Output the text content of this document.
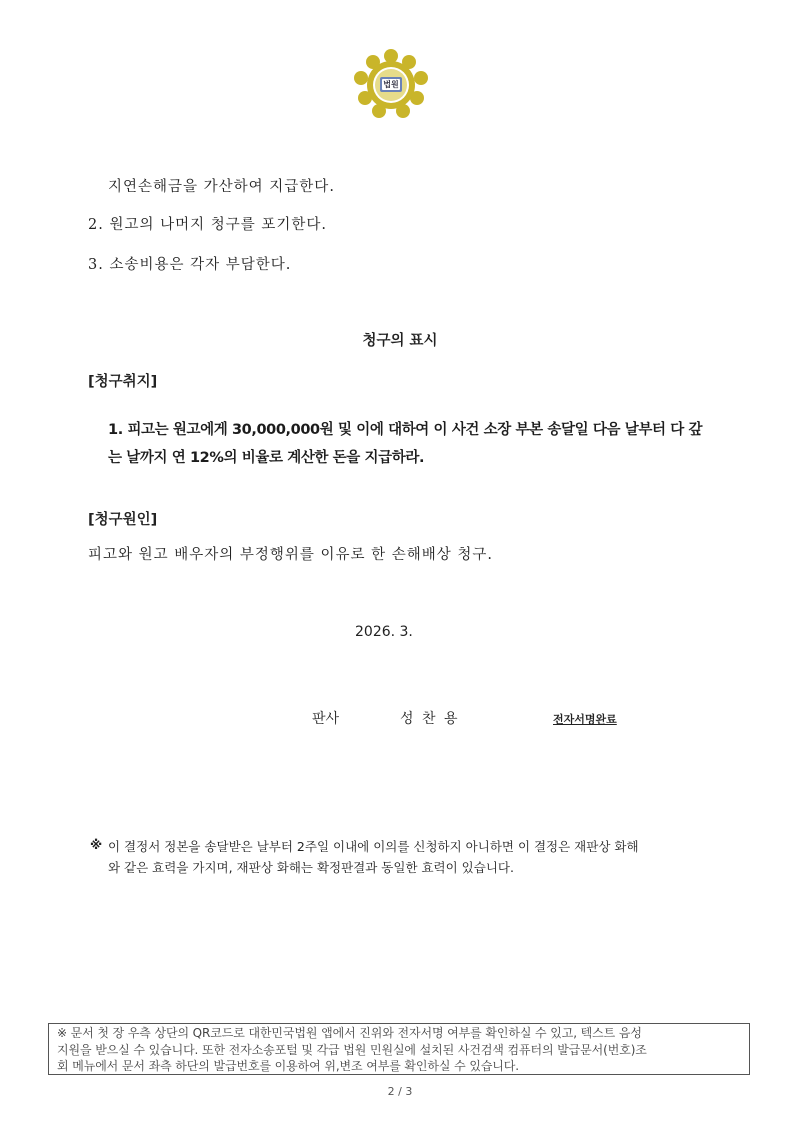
법원
지연손해금을 가산하여 지급한다.
2. 원고의 나머지 청구를 포기한다.
3. 소송비용은 각자 부담한다.
청구의 표시
[청구취지]
1. 피고는 원고에게 30,000,000원 및 이에 대하여 이 사건 소장 부본 송달일 다음 날부터 다 갚
는 날까지 연 12%의 비율로 계산한 돈을 지급하라.
[청구원인]
피고와 원고 배우자의 부정행위를 이유로 한 손해배상 청구.
2026. 3.
판사	성 찬 용	전자서명완료
※ 이 결정서 정본을 송달받은 날부터 2주일 이내에 이의를 신청하지 아니하면 이 결정은 재판상 화해
와 같은 효력을 가지며, 재판상 화해는 확정판결과 동일한 효력이 있습니다.
※ 문서 첫 장 우측 상단의 QR코드로 대한민국법원 앱에서 진위와 전자서명 여부를 확인하실 수 있고, 텍스트 음성
지원을 받으실 수 있습니다. 또한 전자소송포털 및 각급 법원 민원실에 설치된 사건검색 컴퓨터의 발급문서(번호)조
회 메뉴에서 문서 좌측 하단의 발급번호를 이용하여 위,변조 여부를 확인하실 수 있습니다.
2 / 3
